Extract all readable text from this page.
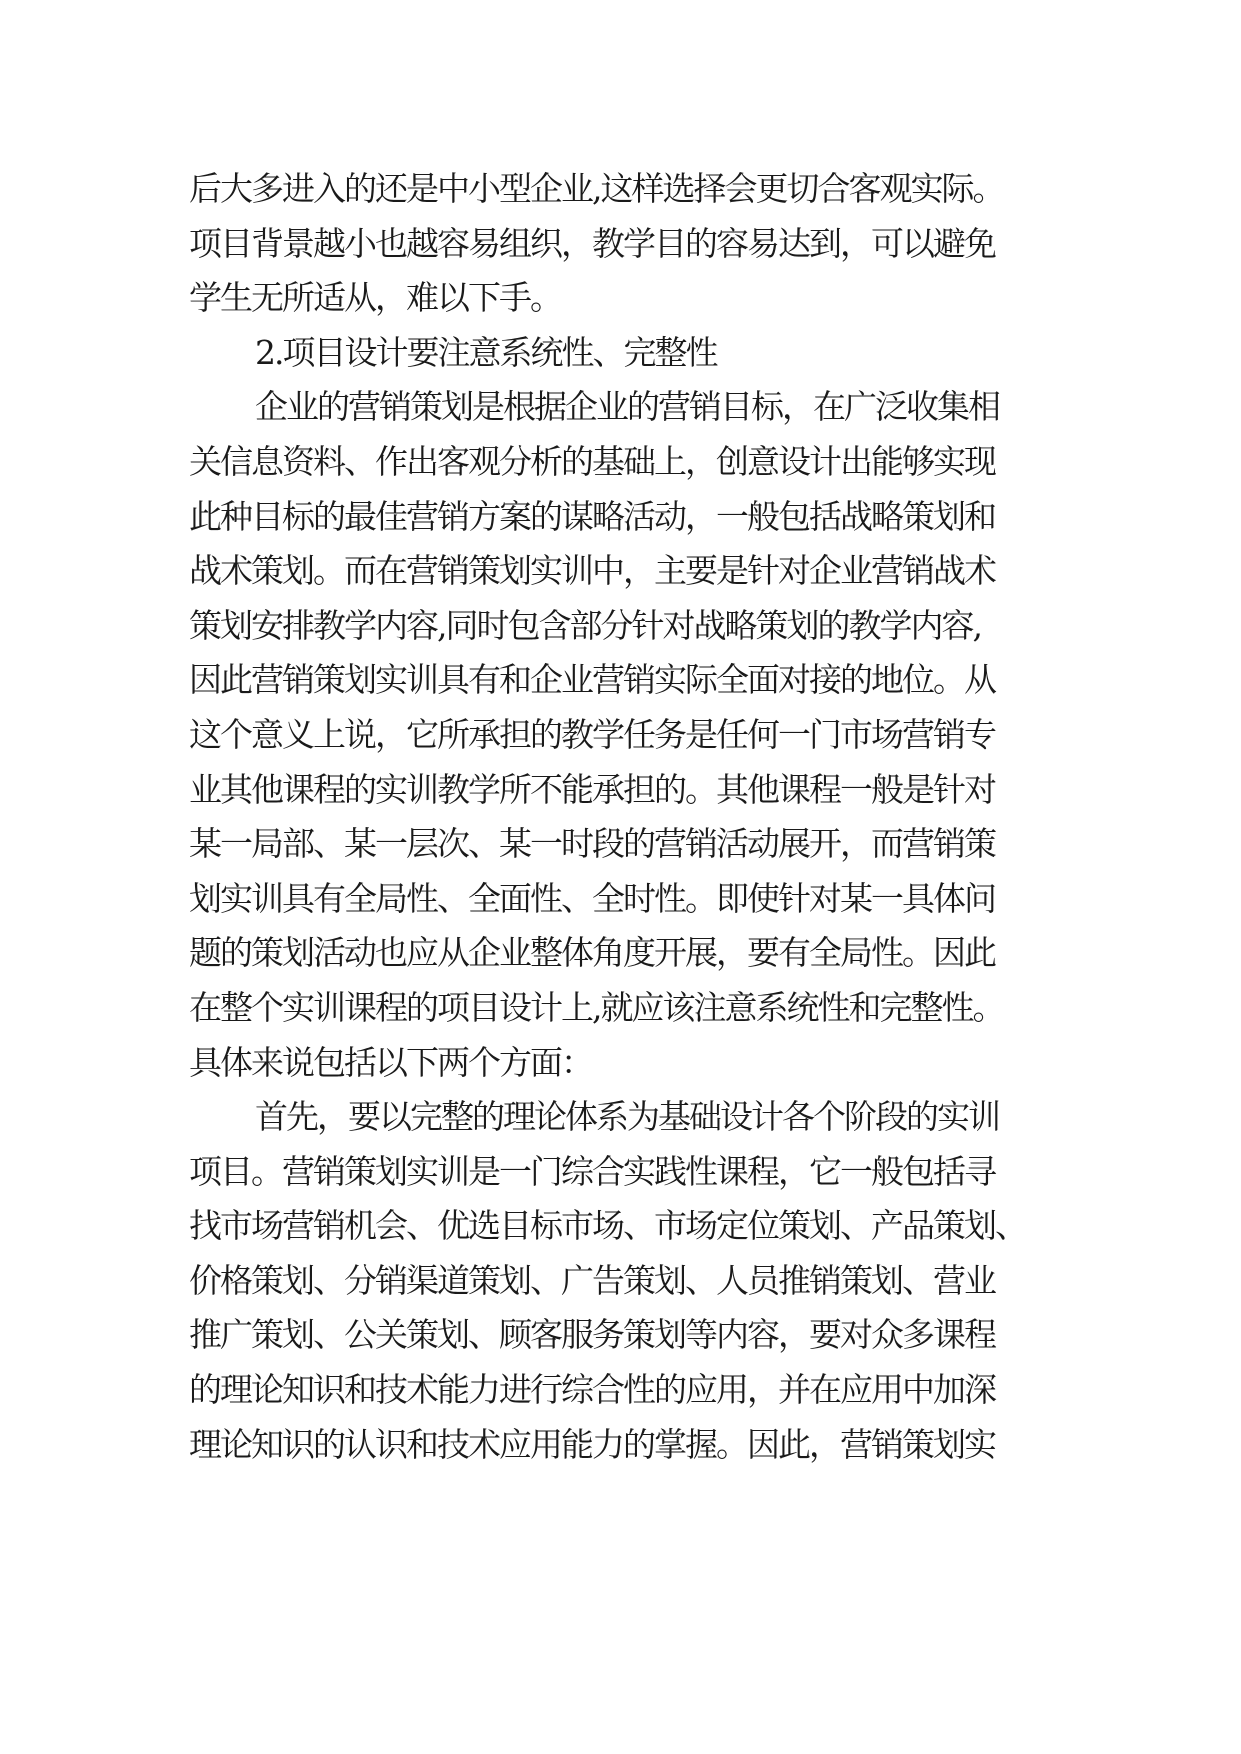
后大多进入的还是中小型企业,这样选择会更切合客观实际。
项目背景越小也越容易组织，教学目的容易达到，可以避免
学生无所适从，难以下手。
2.项目设计要注意系统性、完整性
企业的营销策划是根据企业的营销目标，在广泛收集相
关信息资料、作出客观分析的基础上，创意设计出能够实现
此种目标的最佳营销方案的谋略活动，一般包括战略策划和
战术策划。而在营销策划实训中，主要是针对企业营销战术
策划安排教学内容,同时包含部分针对战略策划的教学内容,
因此营销策划实训具有和企业营销实际全面对接的地位。从
这个意义上说，它所承担的教学任务是任何一门市场营销专
业其他课程的实训教学所不能承担的。其他课程一般是针对
某一局部、某一层次、某一时段的营销活动展开，而营销策
划实训具有全局性、全面性、全时性。即使针对某一具体问
题的策划活动也应从企业整体角度开展，要有全局性。因此
在整个实训课程的项目设计上,就应该注意系统性和完整性。
具体来说包括以下两个方面：
首先，要以完整的理论体系为基础设计各个阶段的实训
项目。营销策划实训是一门综合实践性课程，它一般包括寻
找市场营销机会、优选目标市场、市场定位策划、产品策划、
价格策划、分销渠道策划、广告策划、人员推销策划、营业
推广策划、公关策划、顾客服务策划等内容，要对众多课程
的理论知识和技术能力进行综合性的应用，并在应用中加深
理论知识的认识和技术应用能力的掌握。因此，营销策划实
